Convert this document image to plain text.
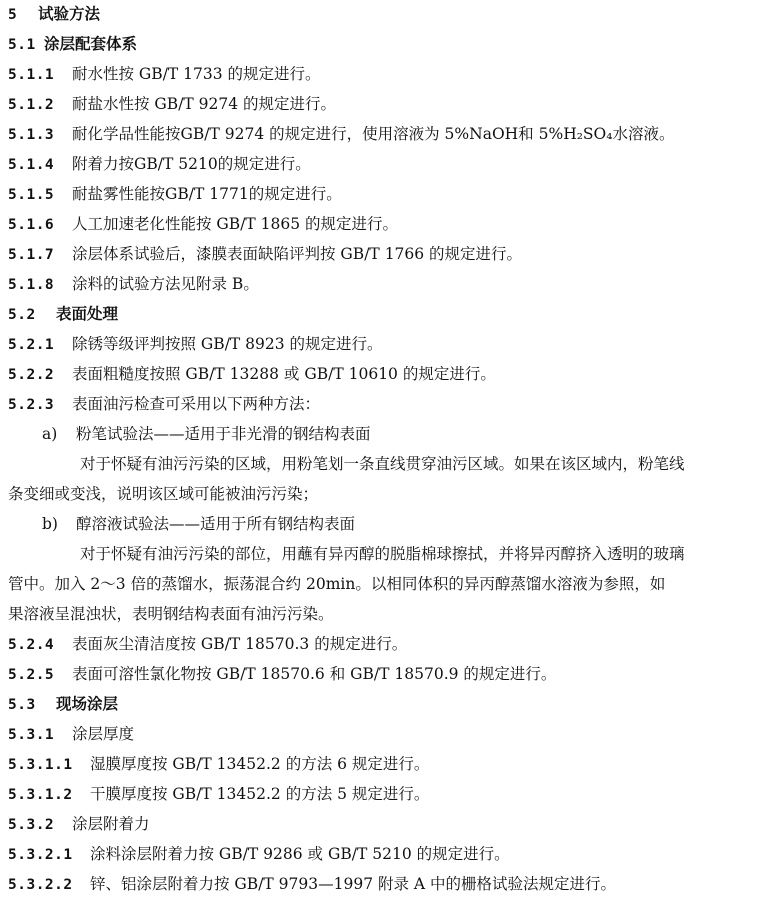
5 试验方法
5.1 涂层配套体系
5.1.1 耐水性按 GB/T 1733 的规定进行。
5.1.2 耐盐水性按 GB/T 9274 的规定进行。
5.1.3 耐化学品性能按GB/T 9274 的规定进行，使用溶液为 5%NaOH和 5%H₂SO₄水溶液。
5.1.4 附着力按GB/T 5210的规定进行。
5.1.5 耐盐雾性能按GB/T 1771的规定进行。
5.1.6 人工加速老化性能按 GB/T 1865 的规定进行。
5.1.7 涂层体系试验后，漆膜表面缺陷评判按 GB/T 1766 的规定进行。
5.1.8 涂料的试验方法见附录 B。
5.2 表面处理
5.2.1 除锈等级评判按照 GB/T 8923 的规定进行。
5.2.2 表面粗糙度按照 GB/T 13288 或 GB/T 10610 的规定进行。
5.2.3 表面油污检查可采用以下两种方法：
a) 粉笔试验法——适用于非光滑的钢结构表面
对于怀疑有油污污染的区域，用粉笔划一条直线贯穿油污区域。如果在该区域内，粉笔线
条变细或变浅，说明该区域可能被油污污染；
b) 醇溶液试验法——适用于所有钢结构表面
对于怀疑有油污污染的部位，用蘸有异丙醇的脱脂棉球擦拭，并将异丙醇挤入透明的玻璃
管中。加入 2～3 倍的蒸馏水，振荡混合约 20min。以相同体积的异丙醇蒸馏水溶液为参照，如
果溶液呈混浊状，表明钢结构表面有油污污染。
5.2.4 表面灰尘清洁度按 GB/T 18570.3 的规定进行。
5.2.5 表面可溶性氯化物按 GB/T 18570.6 和 GB/T 18570.9 的规定进行。
5.3 现场涂层
5.3.1 涂层厚度
5.3.1.1 湿膜厚度按 GB/T 13452.2 的方法 6 规定进行。
5.3.1.2 干膜厚度按 GB/T 13452.2 的方法 5 规定进行。
5.3.2 涂层附着力
5.3.2.1 涂料涂层附着力按 GB/T 9286 或 GB/T 5210 的规定进行。
5.3.2.2 锌、铝涂层附着力按 GB/T 9793—1997 附录 A 中的栅格试验法规定进行。
